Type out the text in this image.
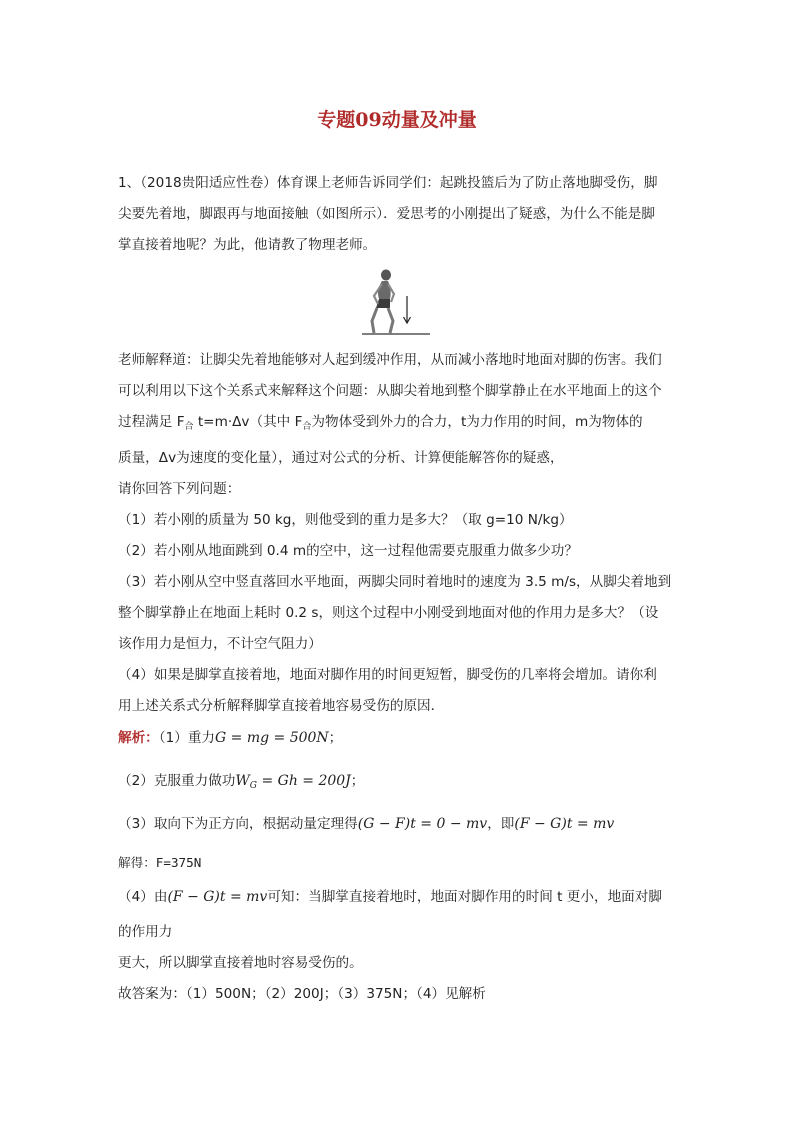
专题09动量及冲量
1、（2018贵阳适应性卷）体育课上老师告诉同学们：起跳投篮后为了防止落地脚受伤，脚
尖要先着地，脚跟再与地面接触（如图所示）．爱思考的小刚提出了疑惑，为什么不能是脚
掌直接着地呢？为此，他请教了物理老师。
老师解释道：让脚尖先着地能够对人起到缓冲作用，从而减小落地时地面对脚的伤害。我们
可以利用以下这个关系式来解释这个问题：从脚尖着地到整个脚掌静止在水平地面上的这个
过程满足 $F_合$ t=m·Δv（其中 $F_合$为物体受到外力的合力，t为力作用的时间，m为物体的
质量，Δv为速度的变化量），通过对公式的分析、计算便能解答你的疑惑，
请你回答下列问题：
（1）若小刚的质量为 50 kg，则他受到的重力是多大？（取 g=10 N/kg）
（2）若小刚从地面跳到 0.4 m的空中，这一过程他需要克服重力做多少功？
（3）若小刚从空中竖直落回水平地面，两脚尖同时着地时的速度为 3.5 m/s，从脚尖着地到
整个脚掌静止在地面上耗时 0.2 s，则这个过程中小刚受到地面对他的作用力是多大？（设
该作用力是恒力，不计空气阻力）
（4）如果是脚掌直接着地，地面对脚作用的时间更短暂，脚受伤的几率将会增加。请你利
用上述关系式分析解释脚掌直接着地容易受伤的原因．
解析：（1）重力G = mg = 500N；
（2）克服重力做功$W_G = Gh = 200J$；
（3）取向下为正方向，根据动量定理得(G − F)t = 0 − mv，即(F − G)t = mv
解得：F=375N
（4）由(F − G)t = mv可知：当脚掌直接着地时，地面对脚作用的时间 t 更小，地面对脚
的作用力
更大，所以脚掌直接着地时容易受伤的。
故答案为：（1）500N；（2）200J；（3）375N；（4）见解析
